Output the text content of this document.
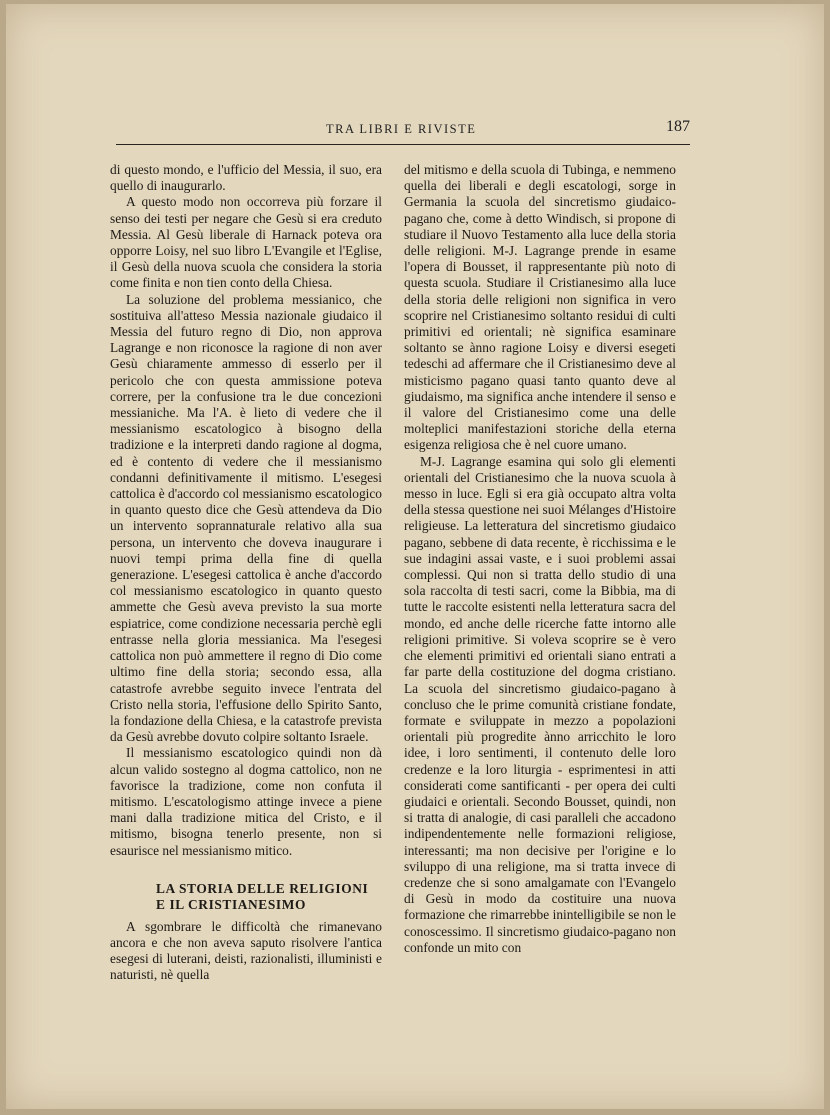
TRA LIBRI E RIVISTE	187

di questo mondo, e l'ufficio del Messia, il suo, era quello di inaugurarlo.

A questo modo non occorreva più forzare il senso dei testi per negare che Gesù si era creduto Messia. Al Gesù liberale di Harnack poteva ora opporre Loisy, nel suo libro L'Evangile et l'Eglise, il Gesù della nuova scuola che considera la storia come finita e non tien conto della Chiesa.

La soluzione del problema messianico, che sostituiva all'atteso Messia nazionale giudaico il Messia del futuro regno di Dio, non approva Lagrange e non riconosce la ragione di non aver Gesù chiaramente ammesso di esserlo per il pericolo che con questa ammissione poteva correre, per la confusione tra le due concezioni messianiche. Ma l'A. è lieto di vedere che il messianismo escatologico à bisogno della tradizione e la interpreti dando ragione al dogma, ed è contento di vedere che il messianismo condanni definitivamente il mitismo. L'esegesi cattolica è d'accordo col messianismo escatologico in quanto questo dice che Gesù attendeva da Dio un intervento soprannaturale relativo alla sua persona, un intervento che doveva inaugurare i nuovi tempi prima della fine di quella generazione. L'esegesi cattolica è anche d'accordo col messianismo escatologico in quanto questo ammette che Gesù aveva previsto la sua morte espiatrice, come condizione necessaria perchè egli entrasse nella gloria messianica. Ma l'esegesi cattolica non può ammettere il regno di Dio come ultimo fine della storia; secondo essa, alla catastrofe avrebbe seguito invece l'entrata del Cristo nella storia, l'effusione dello Spirito Santo, la fondazione della Chiesa, e la catastrofe prevista da Gesù avrebbe dovuto colpire soltanto Israele.

Il messianismo escatologico quindi non dà alcun valido sostegno al dogma cattolico, non ne favorisce la tradizione, come non confuta il mitismo. L'escatologismo attinge invece a piene mani dalla tradizione mitica del Cristo, e il mitismo, bisogna tenerlo presente, non si esaurisce nel messianismo mitico.

LA STORIA DELLE RELIGIONI
E IL CRISTIANESIMO

A sgombrare le difficoltà che rimanevano ancora e che non aveva saputo risolvere l'antica esegesi di luterani, deisti, razionalisti, illuministi e naturisti, nè quella

del mitismo e della scuola di Tubinga, e nemmeno quella dei liberali e degli escatologi, sorge in Germania la scuola del sincretismo giudaico-pagano che, come à detto Windisch, si propone di studiare il Nuovo Testamento alla luce della storia delle religioni. M-J. Lagrange prende in esame l'opera di Bousset, il rappresentante più noto di questa scuola. Studiare il Cristianesimo alla luce della storia delle religioni non significa in vero scoprire nel Cristianesimo soltanto residui di culti primitivi ed orientali; nè significa esaminare soltanto se ànno ragione Loisy e diversi esegeti tedeschi ad affermare che il Cristianesimo deve al misticismo pagano quasi tanto quanto deve al giudaismo, ma significa anche intendere il senso e il valore del Cristianesimo come una delle molteplici manifestazioni storiche della eterna esigenza religiosa che è nel cuore umano.

M-J. Lagrange esamina qui solo gli elementi orientali del Cristianesimo che la nuova scuola à messo in luce. Egli si era già occupato altra volta della stessa questione nei suoi Mélanges d'Histoire religieuse. La letteratura del sincretismo giudaico pagano, sebbene di data recente, è ricchissima e le sue indagini assai vaste, e i suoi problemi assai complessi. Qui non si tratta dello studio di una sola raccolta di testi sacri, come la Bibbia, ma di tutte le raccolte esistenti nella letteratura sacra del mondo, ed anche delle ricerche fatte intorno alle religioni primitive. Si voleva scoprire se è vero che elementi primitivi ed orientali siano entrati a far parte della costituzione del dogma cristiano. La scuola del sincretismo giudaico-pagano à concluso che le prime comunità cristiane fondate, formate e sviluppate in mezzo a popolazioni orientali più progredite ànno arricchito le loro idee, i loro sentimenti, il contenuto delle loro credenze e la loro liturgia - esprimentesi in atti considerati come santificanti - per opera dei culti giudaici e orientali. Secondo Bousset, quindi, non si tratta di analogie, di casi paralleli che accadono indipendentemente nelle formazioni religiose, interessanti; ma non decisive per l'origine e lo sviluppo di una religione, ma si tratta invece di credenze che si sono amalgamate con l'Evangelo di Gesù in modo da costituire una nuova formazione che rimarrebbe inintelligibile se non le conoscessimo. Il sincretismo giudaico-pagano non confonde un mito con
